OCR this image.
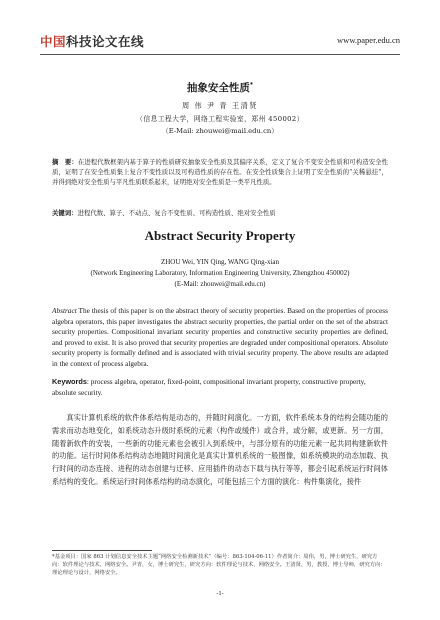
中国科技论文在线	www.paper.edu.cn
抽象安全性质*
周 伟 尹 青 王清贤
（信息工程大学，网络工程实验室，郑州 450002）
（E-Mail: zhouwei@mail.edu.cn）
摘　要：在进程代数框架内基于算子的性质研究抽象安全性质及其偏序关系，定义了复合不变安全性质和可构造安全性质，证明了在安全性质集上复合不变性质以及可构造性质的存在性。在安全性质集合上证明了安全性质的“关稀悬挂”，并得到绝对安全性质与平凡性质联系起来，证明绝对安全性质是一类平凡性质。
关键词：进程代数、算子、不动点、复合不变性质、可构造性质、绝对安全性质
Abstract Security Property
ZHOU Wei, YIN Qing, WANG Qing-xian
(Network Engineering Laboratory, Information Engineering University, Zhengzhou 450002)
(E-Mail: zhouwei@mail.edu.cn)
Abstract The thesis of this paper is on the abstract theory of security properties. Based on the properties of process algebra operators, this paper investigates the abstract security properties, the partial order on the set of the abstract security properties. Compositional invariant security properties and constructive security properties are defined, and proved to exist. It is also proved that security properties are degraded under compositional operators. Absolute security property is formally defined and is associated with trivial security property. The above results are adapted in the context of process algebra.
Keywords: process algebra, operator, fixed-point, compositional invariant property, constructive property, absolute security.
真实计算机系统的软件体系结构是动态的，并随时间演化。一方面，软件系统本身的结构会随功能的需求而动态地变化，如系统动态升级时系统的元素（构件或缓件）或合并，或分解，或更新。另一方面，随着新软件的安装，一些新的功能元素也会被引入到系统中，与部分原有的功能元素一起共同构建新软件的功能。运行时间体系结构动态地随时间演化是真实计算机系统的一般图像，如系统模块的动态加载、执行时间的动态连接、进程的动态创建与迁移、应用插件的动态下载与执行等等，都会引起系统运行时间体系结构的变化。系统运行时间体系结构的动态演化，可能包括三个方面的演化：构件集演化，接件
*基金项目：国家 863 计划信息安全技术主题“网络安全检测新技术”（编号：863-104-06-11）作者简介：周伟，男，博士研究生，研究方向：软件理论与技术、网络安全。尹青，女，博士研究生，研究方向：软件理论与技术、网络安全。王清贤，男，教授，博士导师，研究方向：理论理论与设计，网络安全。
-1-
